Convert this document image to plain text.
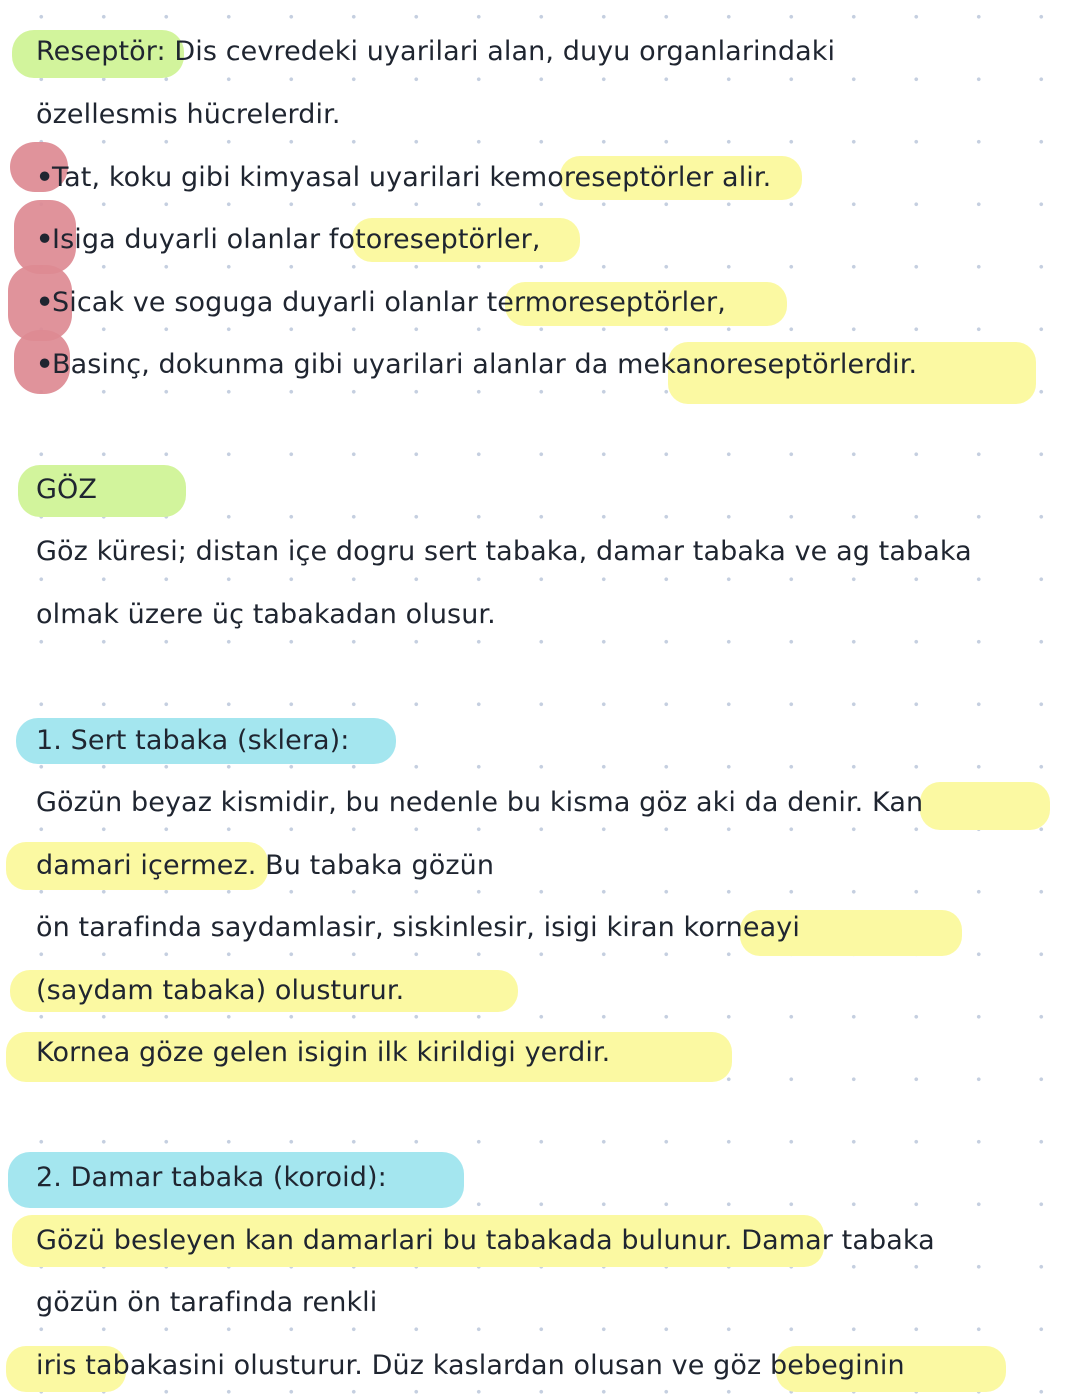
Reseptör: Dis cevredeki uyarilari alan, duyu organlarindaki
özellesmis hücrelerdir.
•Tat, koku gibi kimyasal uyarilari kemoreseptörler alir.
•Isiga duyarli olanlar fotoreseptörler,
•Sicak ve soguga duyarli olanlar termoreseptörler,
•Basinç, dokunma gibi uyarilari alanlar da mekanoreseptörlerdir.
GÖZ
Göz küresi; distan içe dogru sert tabaka, damar tabaka ve ag tabaka
olmak üzere üç tabakadan olusur.
1. Sert tabaka (sklera):
Gözün beyaz kismidir, bu nedenle bu kisma göz aki da denir. Kan
damari içermez. Bu tabaka gözün
ön tarafinda saydamlasir, siskinlesir, isigi kiran korneayi
(saydam tabaka) olusturur.
Kornea göze gelen isigin ilk kirildigi yerdir.
2. Damar tabaka (koroid):
Gözü besleyen kan damarlari bu tabakada bulunur. Damar tabaka
gözün ön tarafinda renkli
iris tabakasini olusturur. Düz kaslardan olusan ve göz bebeginin
